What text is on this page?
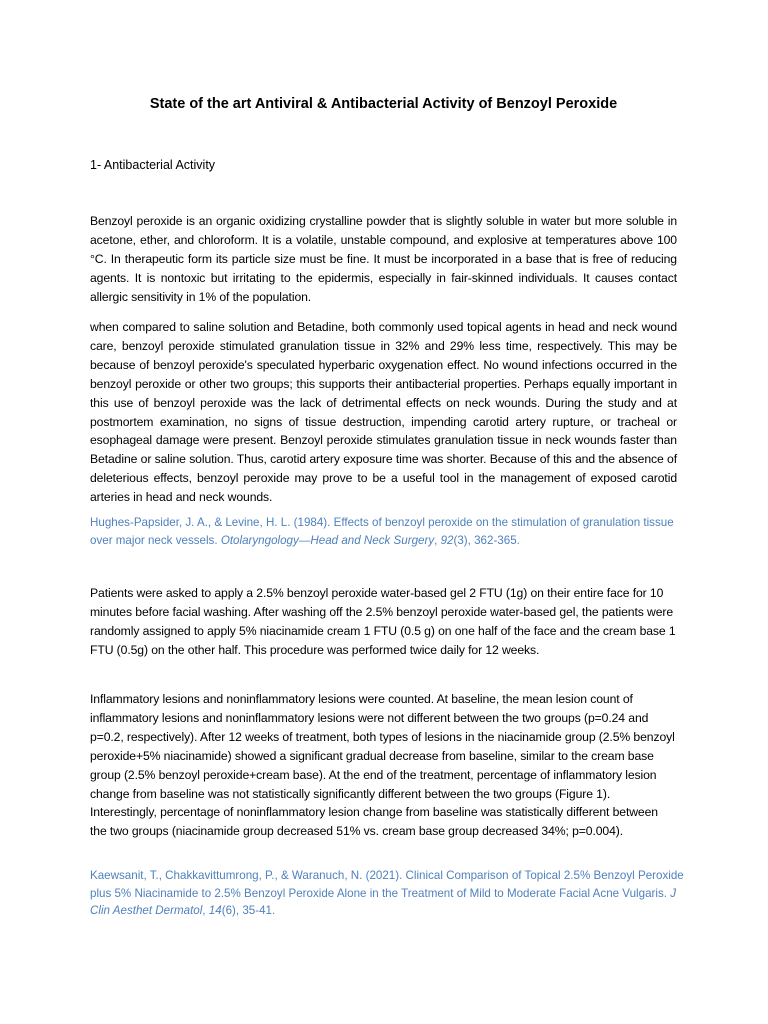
State of the art Antiviral & Antibacterial Activity of Benzoyl Peroxide

1- Antibacterial Activity

Benzoyl peroxide is an organic oxidizing crystalline powder that is slightly soluble in water but more soluble in acetone, ether, and chloroform. It is a volatile, unstable compound, and explosive at temperatures above 100 °C. In therapeutic form its particle size must be fine. It must be incorporated in a base that is free of reducing agents. It is nontoxic but irritating to the epidermis, especially in fair-skinned individuals. It causes contact allergic sensitivity in 1% of the population.

when compared to saline solution and Betadine, both commonly used topical agents in head and neck wound care, benzoyl peroxide stimulated granulation tissue in 32% and 29% less time, respectively. This may be because of benzoyl peroxide's speculated hyperbaric oxygenation effect. No wound infections occurred in the benzoyl peroxide or other two groups; this supports their antibacterial properties. Perhaps equally important in this use of benzoyl peroxide was the lack of detrimental effects on neck wounds. During the study and at postmortem examination, no signs of tissue destruction, impending carotid artery rupture, or tracheal or esophageal damage were present. Benzoyl peroxide stimulates granulation tissue in neck wounds faster than Betadine or saline solution. Thus, carotid artery exposure time was shorter. Because of this and the absence of deleterious effects, benzoyl peroxide may prove to be a useful tool in the management of exposed carotid arteries in head and neck wounds.

Hughes-Papsider, J. A., & Levine, H. L. (1984). Effects of benzoyl peroxide on the stimulation of granulation tissue over major neck vessels. Otolaryngology—Head and Neck Surgery, 92(3), 362-365.

Patients were asked to apply a 2.5% benzoyl peroxide water-based gel 2 FTU (1g) on their entire face for 10 minutes before facial washing. After washing off the 2.5% benzoyl peroxide water-based gel, the patients were randomly assigned to apply 5% niacinamide cream 1 FTU (0.5 g) on one half of the face and the cream base 1 FTU (0.5g) on the other half. This procedure was performed twice daily for 12 weeks.

Inflammatory lesions and noninflammatory lesions were counted. At baseline, the mean lesion count of inflammatory lesions and noninflammatory lesions were not different between the two groups (p=0.24 and p=0.2, respectively). After 12 weeks of treatment, both types of lesions in the niacinamide group (2.5% benzoyl peroxide+5% niacinamide) showed a significant gradual decrease from baseline, similar to the cream base group (2.5% benzoyl peroxide+cream base). At the end of the treatment, percentage of inflammatory lesion change from baseline was not statistically significantly different between the two groups (Figure 1). Interestingly, percentage of noninflammatory lesion change from baseline was statistically different between the two groups (niacinamide group decreased 51% vs. cream base group decreased 34%; p=0.004).

Kaewsanit, T., Chakkavittumrong, P., & Waranuch, N. (2021). Clinical Comparison of Topical 2.5% Benzoyl Peroxide plus 5% Niacinamide to 2.5% Benzoyl Peroxide Alone in the Treatment of Mild to Moderate Facial Acne Vulgaris. J Clin Aesthet Dermatol, 14(6), 35-41.
